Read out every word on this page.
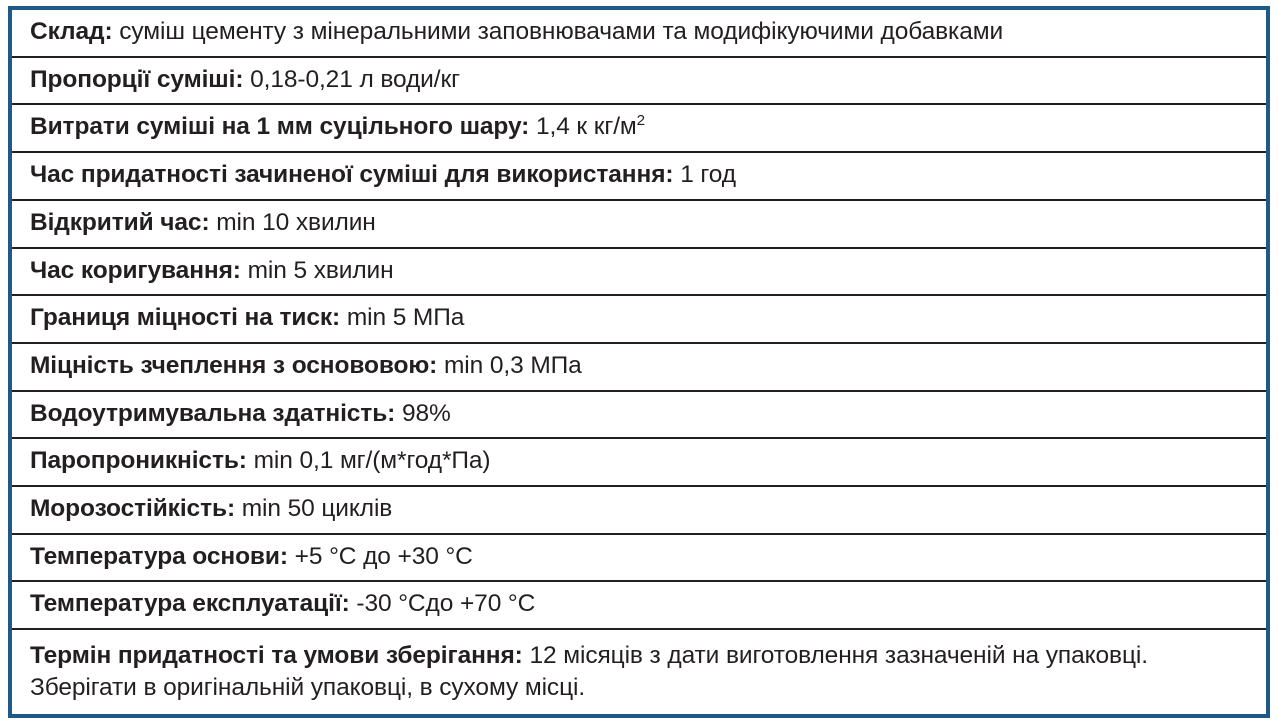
Склад: суміш цементу з мінеральними заповнювачами та модифікуючими добавками
Пропорції суміші: 0,18-0,21 л води/кг
Витрати суміші на 1 мм суцільного шару: 1,4 к $кг/м^2$
Час придатності зачиненої суміші для використання: 1 год
Відкритий час: min 10 хвилин
Час коригування: min 5 хвилин
Границя міцності на тиск: min 5 МПа
Міцність зчеплення з основовою: min 0,3 МПа
Водоутримувальна здатність: 98%
Паропроникність: min 0,1 мг/(м*год*Па)
Морозостійкість: min 50 циклів
Температура основи: +5 °С до +30 °С
Температура експлуатації: -30 °Сдо +70 °С
Термін придатності та умови зберігання: 12 місяців з дати виготовлення зазначеній на упаковці. Зберігати в оригінальній упаковці, в сухому місці.
